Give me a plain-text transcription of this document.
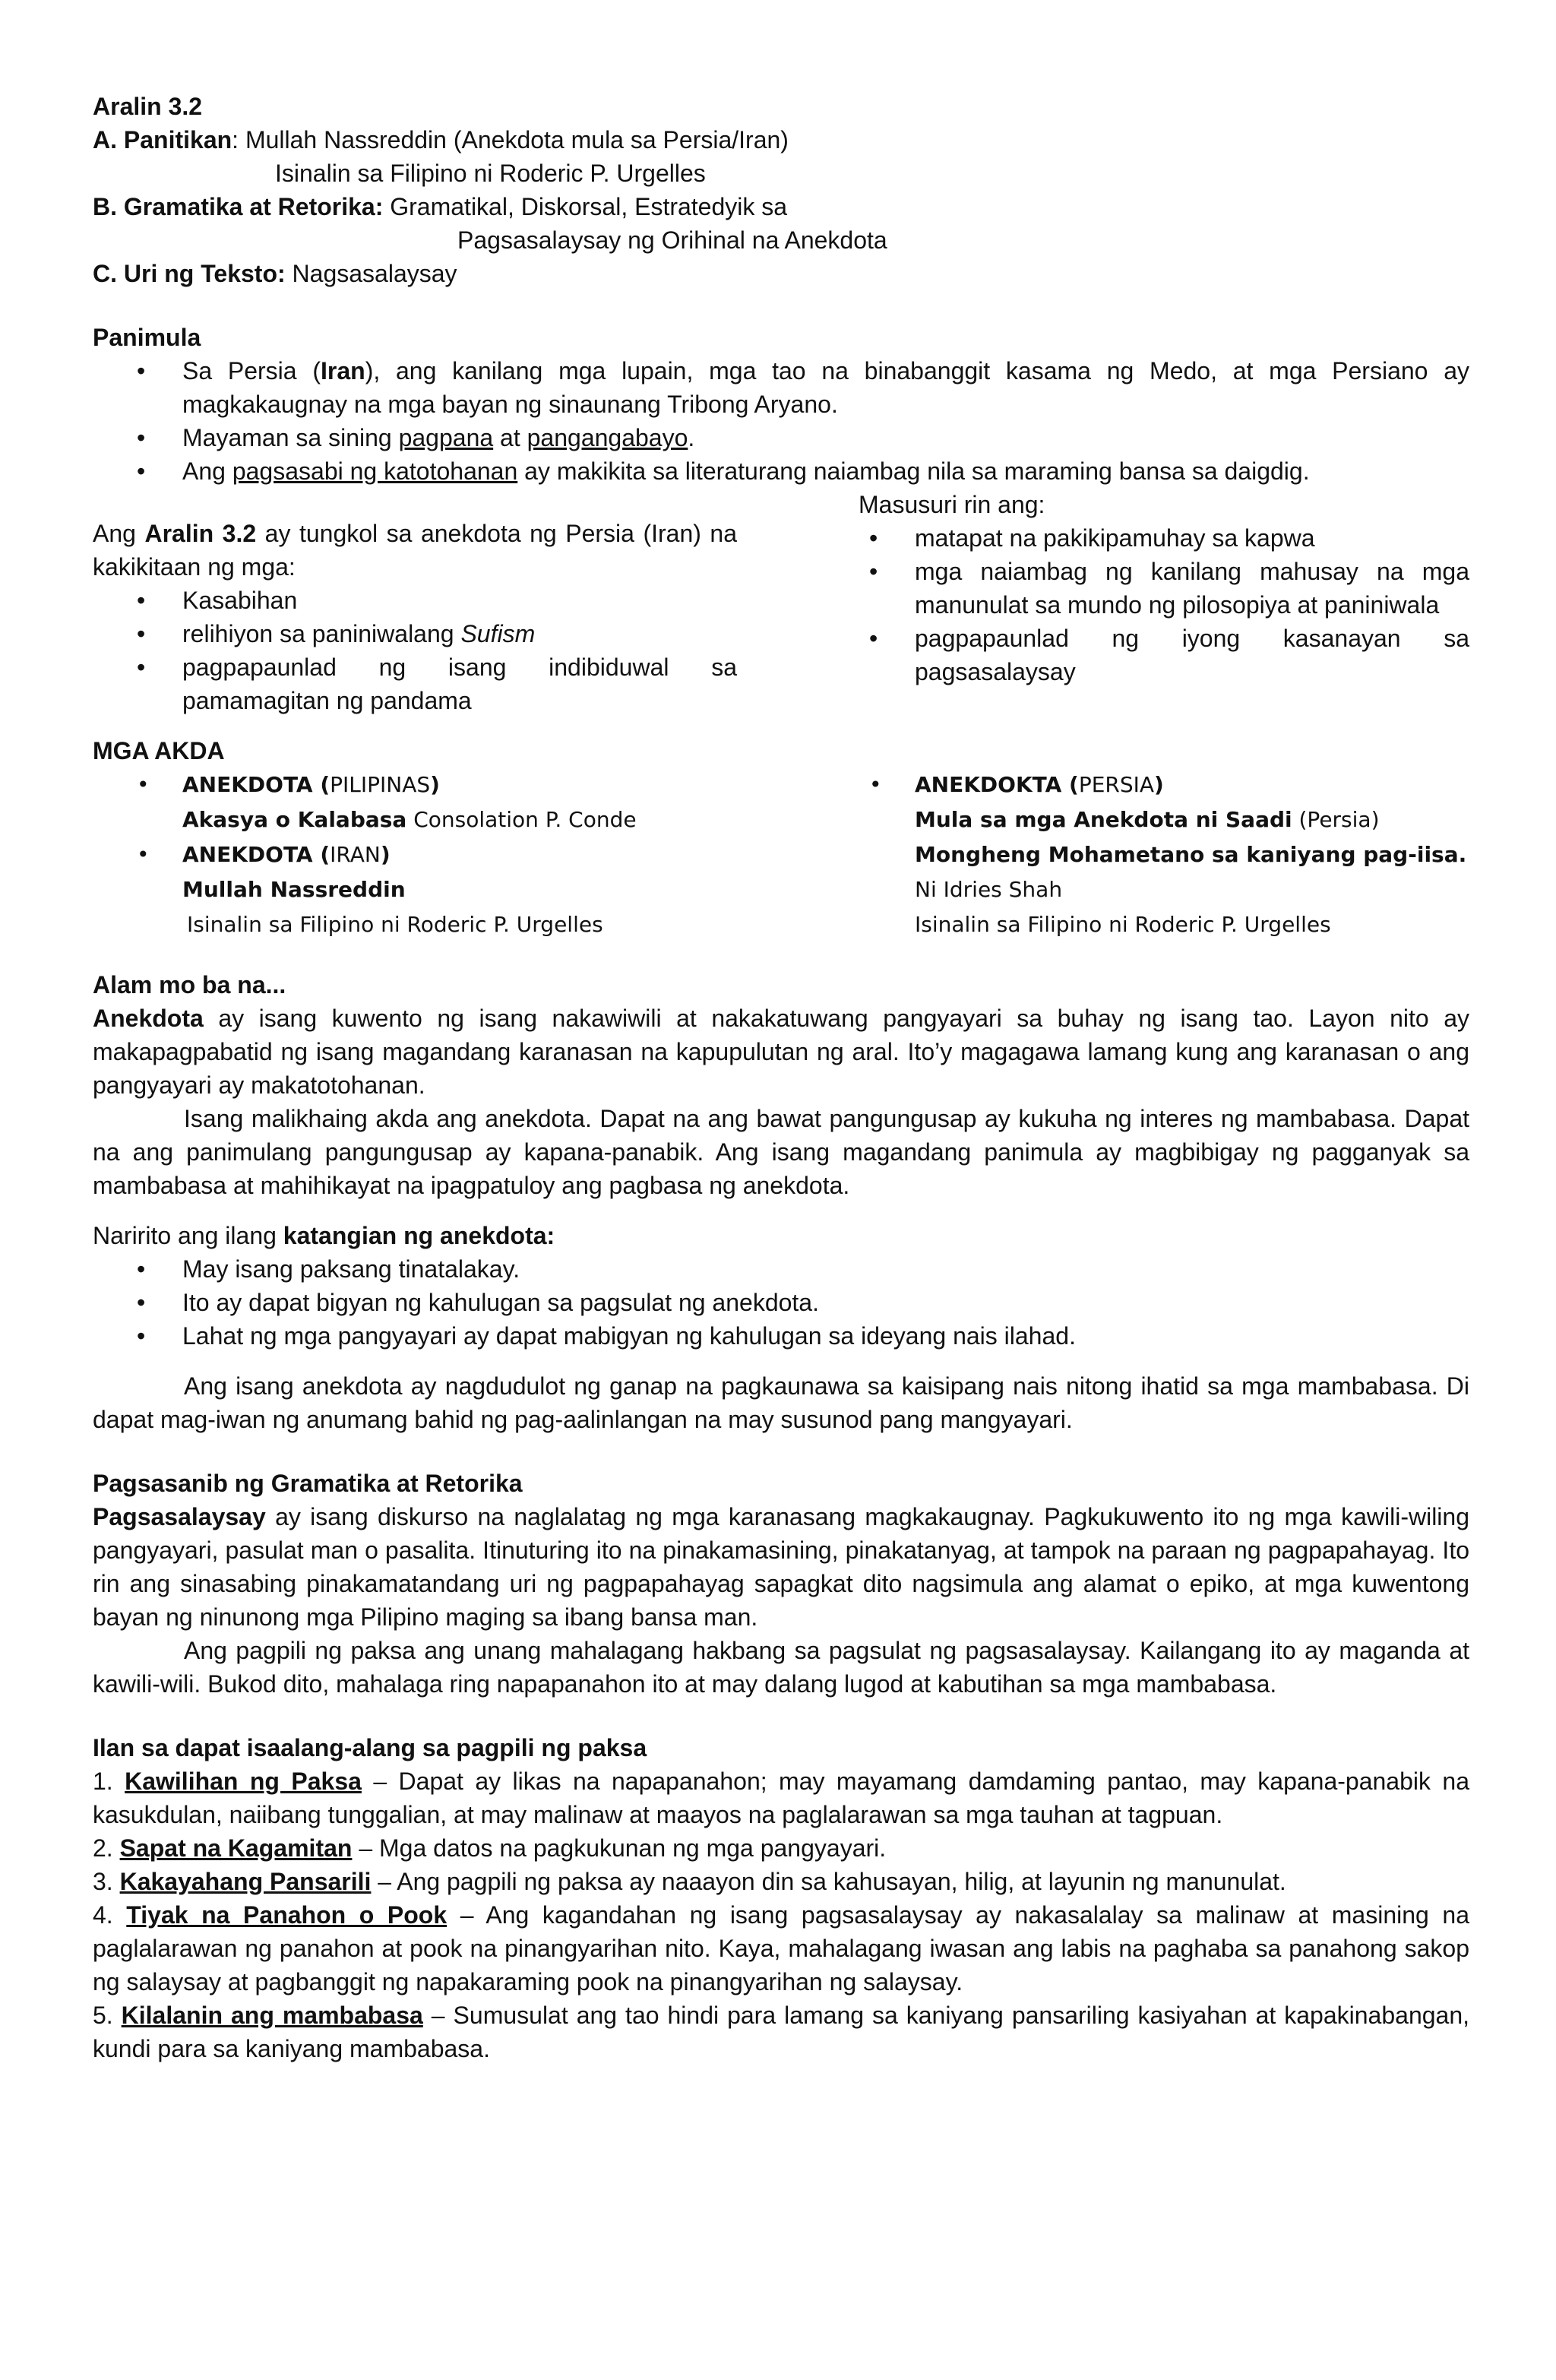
Aralin 3.2

A. Panitikan: Mullah Nassreddin (Anekdota mula sa Persia/Iran)

Isinalin sa Filipino ni Roderic P. Urgelles

B. Gramatika at Retorika: Gramatikal, Diskorsal, Estratedyik sa

Pagsasalaysay ng Orihinal na Anekdota

C. Uri ng Teksto: Nagsasalaysay

Panimula

• Sa Persia (Iran), ang kanilang mga lupain, mga tao na binabanggit kasama ng Medo, at mga Persiano ay magkakaugnay na mga bayan ng sinaunang Tribong Aryano.
• Mayaman sa sining pagpana at pangangabayo.
• Ang pagsasabi ng katotohanan ay makikita sa literaturang naiambag nila sa maraming bansa sa daigdig.

Ang Aralin 3.2 ay tungkol sa anekdota ng Persia (Iran) na kakikitaan ng mga:

• Kasabihan
• relihiyon sa paniniwalang Sufism
• pagpapaunlad ng isang indibiduwal sa pamamagitan ng pandama

Masusuri rin ang:

• matapat na pakikipamuhay sa kapwa
• mga naiambag ng kanilang mahusay na mga manunulat sa mundo ng pilosopiya at paniniwala
• pagpapaunlad ng iyong kasanayan sa pagsasalaysay

MGA AKDA

• ANEKDOTA (PILIPINAS)
Akasya o Kalabasa Consolation P. Conde
• ANEKDOTA (IRAN)
Mullah Nassreddin
Isinalin sa Filipino ni Roderic P. Urgelles
• ANEKDOKTA (PERSIA)
Mula sa mga Anekdota ni Saadi (Persia)
Mongheng Mohametano sa kaniyang pag-iisa.
Ni Idries Shah
Isinalin sa Filipino ni Roderic P. Urgelles

Alam mo ba na...

Anekdota ay isang kuwento ng isang nakawiwili at nakakatuwang pangyayari sa buhay ng isang tao. Layon nito ay makapagpabatid ng isang magandang karanasan na kapupulutan ng aral. Ito’y magagawa lamang kung ang karanasan o ang pangyayari ay makatotohanan.

Isang malikhaing akda ang anekdota. Dapat na ang bawat pangungusap ay kukuha ng interes ng mambabasa. Dapat na ang panimulang pangungusap ay kapana-panabik. Ang isang magandang panimula ay magbibigay ng pagganyak sa mambabasa at mahihikayat na ipagpatuloy ang pagbasa ng anekdota.

Naririto ang ilang katangian ng anekdota:

• May isang paksang tinatalakay.
• Ito ay dapat bigyan ng kahulugan sa pagsulat ng anekdota.
• Lahat ng mga pangyayari ay dapat mabigyan ng kahulugan sa ideyang nais ilahad.

Ang isang anekdota ay nagdudulot ng ganap na pagkaunawa sa kaisipang nais nitong ihatid sa mga mambabasa. Di dapat mag-iwan ng anumang bahid ng pag-aalinlangan na may susunod pang mangyayari.

Pagsasanib ng Gramatika at Retorika

Pagsasalaysay ay isang diskurso na naglalatag ng mga karanasang magkakaugnay. Pagkukuwento ito ng mga kawili-wiling pangyayari, pasulat man o pasalita. Itinuturing ito na pinakamasining, pinakatanyag, at tampok na paraan ng pagpapahayag. Ito rin ang sinasabing pinakamatandang uri ng pagpapahayag sapagkat dito nagsimula ang alamat o epiko, at mga kuwentong bayan ng ninunong mga Pilipino maging sa ibang bansa man.

Ang pagpili ng paksa ang unang mahalagang hakbang sa pagsulat ng pagsasalaysay. Kailangang ito ay maganda at kawili-wili. Bukod dito, mahalaga ring napapanahon ito at may dalang lugod at kabutihan sa mga mambabasa.

Ilan sa dapat isaalang-alang sa pagpili ng paksa

1. Kawilihan ng Paksa – Dapat ay likas na napapanahon; may mayamang damdaming pantao, may kapana-panabik na kasukdulan, naiibang tunggalian, at may malinaw at maayos na paglalarawan sa mga tauhan at tagpuan.

2. Sapat na Kagamitan – Mga datos na pagkukunan ng mga pangyayari.

3. Kakayahang Pansarili – Ang pagpili ng paksa ay naaayon din sa kahusayan, hilig, at layunin ng manunulat.

4. Tiyak na Panahon o Pook – Ang kagandahan ng isang pagsasalaysay ay nakasalalay sa malinaw at masining na paglalarawan ng panahon at pook na pinangyarihan nito. Kaya, mahalagang iwasan ang labis na paghaba sa panahong sakop ng salaysay at pagbanggit ng napakaraming pook na pinangyarihan ng salaysay.

5. Kilalanin ang mambabasa – Sumusulat ang tao hindi para lamang sa kaniyang pansariling kasiyahan at kapakinabangan, kundi para sa kaniyang mambabasa.
